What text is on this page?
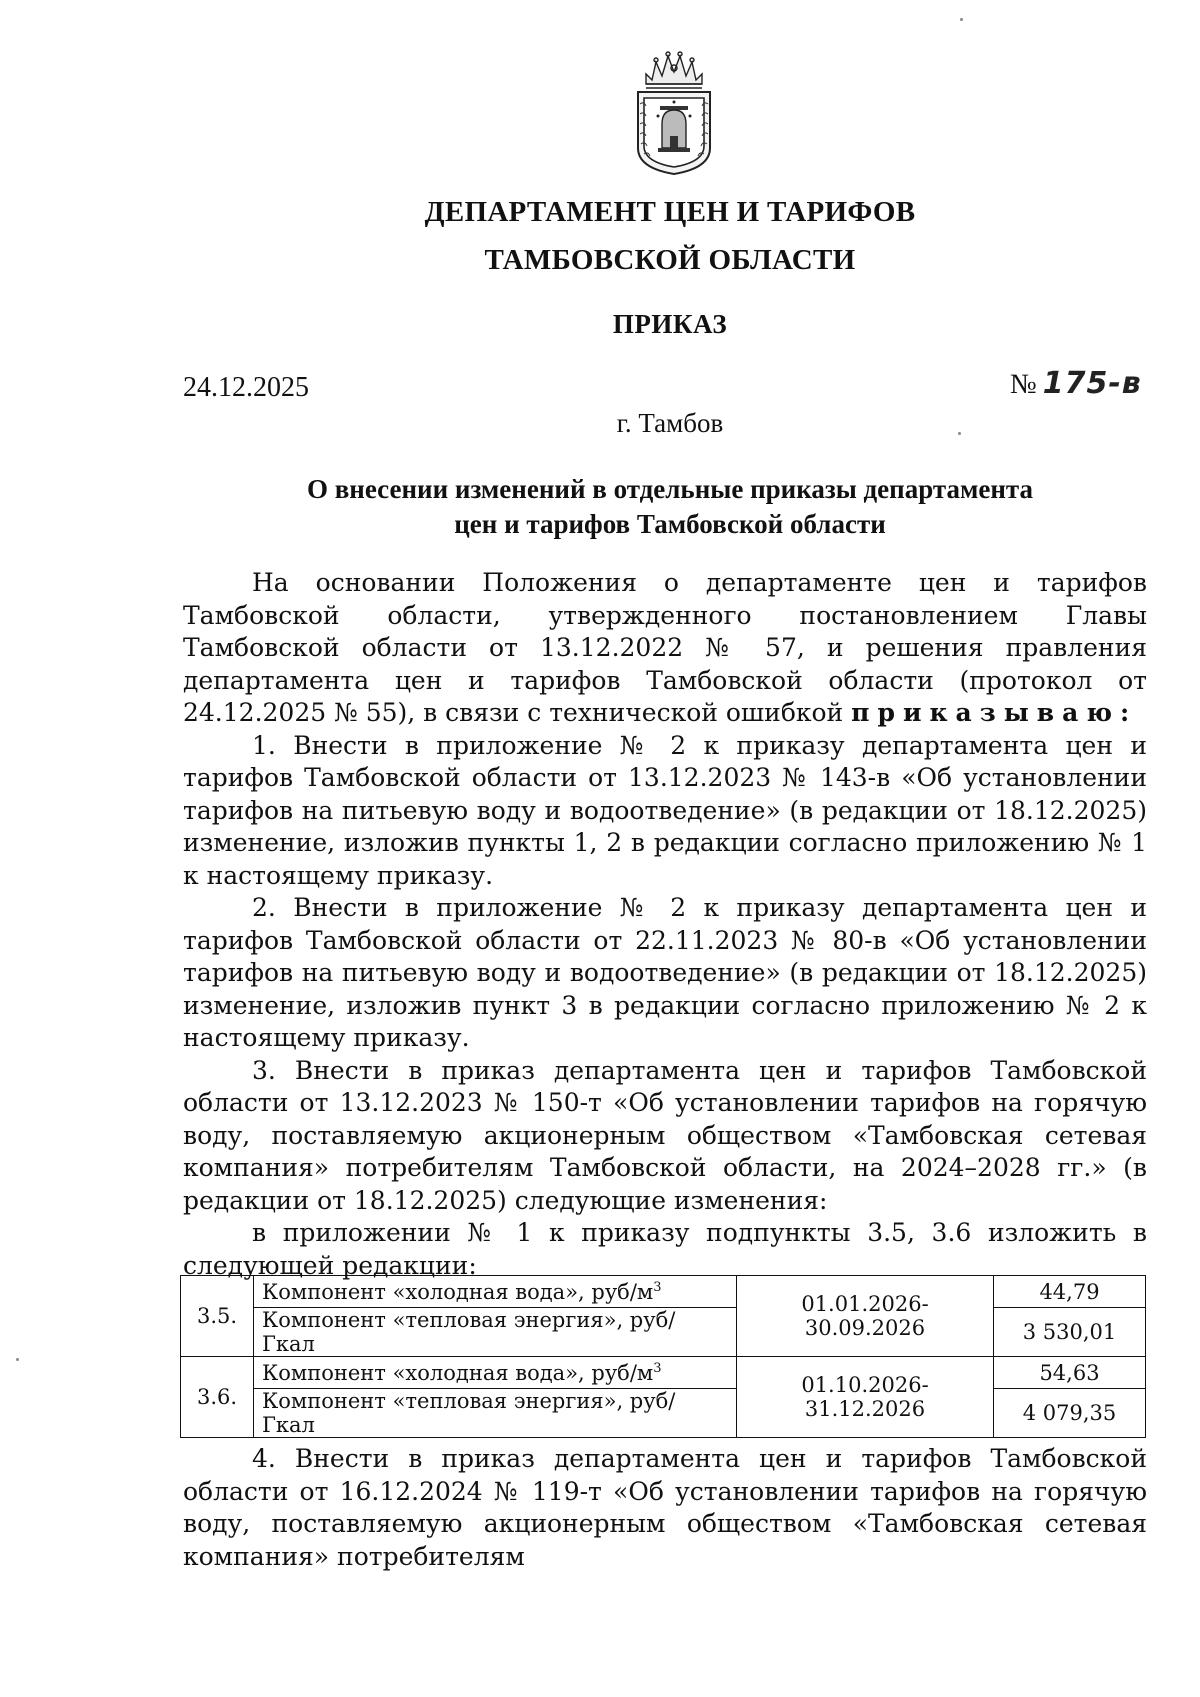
ДЕПАРТАМЕНТ ЦЕН И ТАРИФОВ
ТАМБОВСКОЙ ОБЛАСТИ
ПРИКАЗ
24.12.2025	№ 175-в
г. Тамбов
О внесении изменений в отдельные приказы департамента
цен и тарифов Тамбовской области

На основании Положения о департаменте цен и тарифов Тамбовской области, утвержденного постановлением Главы Тамбовской области от 13.12.2022 № 57, и решения правления департамента цен и тарифов Тамбовской области (протокол от 24.12.2025 № 55), в связи с технической ошибкой приказываю:

1. Внести в приложение № 2 к приказу департамента цен и тарифов Тамбовской области от 13.12.2023 № 143-в «Об установлении тарифов на питьевую воду и водоотведение» (в редакции от 18.12.2025) изменение, изложив пункты 1, 2 в редакции согласно приложению № 1 к настоящему приказу.

2. Внести в приложение № 2 к приказу департамента цен и тарифов Тамбовской области от 22.11.2023 № 80-в «Об установлении тарифов на питьевую воду и водоотведение» (в редакции от 18.12.2025) изменение, изложив пункт 3 в редакции согласно приложению № 2 к настоящему приказу.

3. Внести в приказ департамента цен и тарифов Тамбовской области от 13.12.2023 № 150-т «Об установлении тарифов на горячую воду, поставляемую акционерным обществом «Тамбовская сетевая компания» потребителям Тамбовской области, на 2024–2028 гг.» (в редакции от 18.12.2025) следующие изменения:

в приложении № 1 к приказу подпункты 3.5, 3.6 изложить в следующей редакции:

3.5.	Компонент «холодная вода», руб/$м^3$	01.01.2026-30.09.2026	44,79
	Компонент «тепловая энергия», руб/Гкал		3 530,01
3.6.	Компонент «холодная вода», руб/$м^3$	01.10.2026-31.12.2026	54,63
	Компонент «тепловая энергия», руб/Гкал		4 079,35

4. Внести в приказ департамента цен и тарифов Тамбовской области от 16.12.2024 № 119-т «Об установлении тарифов на горячую воду, поставляемую акционерным обществом «Тамбовская сетевая компания» потребителям
